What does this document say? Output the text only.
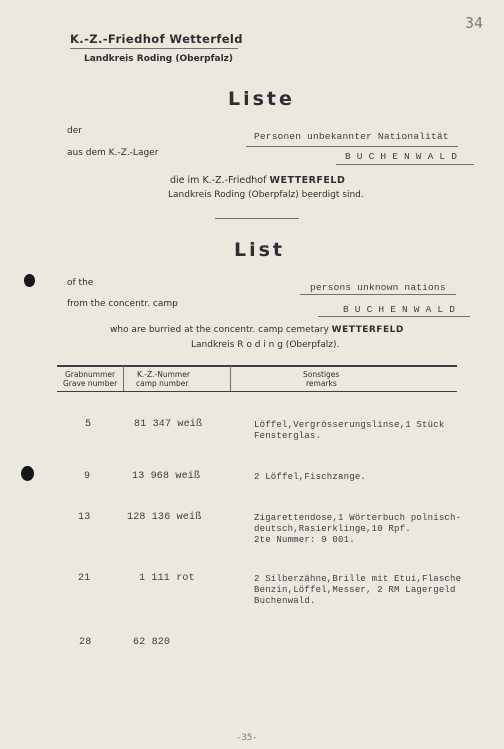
34
K.-Z.-Friedhof Wetterfeld
Landkreis Roding (Oberpfalz)
Liste
der	Personen unbekannter Nationalität
aus dem K.-Z.-Lager	B U C H E N W A L D
die im K.-Z.-Friedhof WETTERFELD
Landkreis Roding (Oberpfalz) beerdigt sind.
List
of the	persons unknown nations
from the concentr. camp	B U C H E N W A L D
who are burried at the concentr. camp cemetary WETTERFELD
Landkreis R o d i n g (Oberpfalz).
Grabnummer
Grave number
K.-Z.-Nummer
camp number
Sonstiges
remarks
5	81 347 weiß	Löffel,Vergrösserungslinse,1 Stück
Fensterglas.
9	13 968 weiß	2 Löffel,Fischzange.
13	128 136 weiß	Zigarettendose,1 Wörterbuch polnisch-
deutsch,Rasierklinge,10 Rpf.
2te Nummer: 9 001.
21	1 111 rot	2 Silberzähne,Brille mit Etui,Flasche
Benzin,Löffel,Messer, 2 RM Lagergeld
Buchenwald.
28	62 820
-35-
